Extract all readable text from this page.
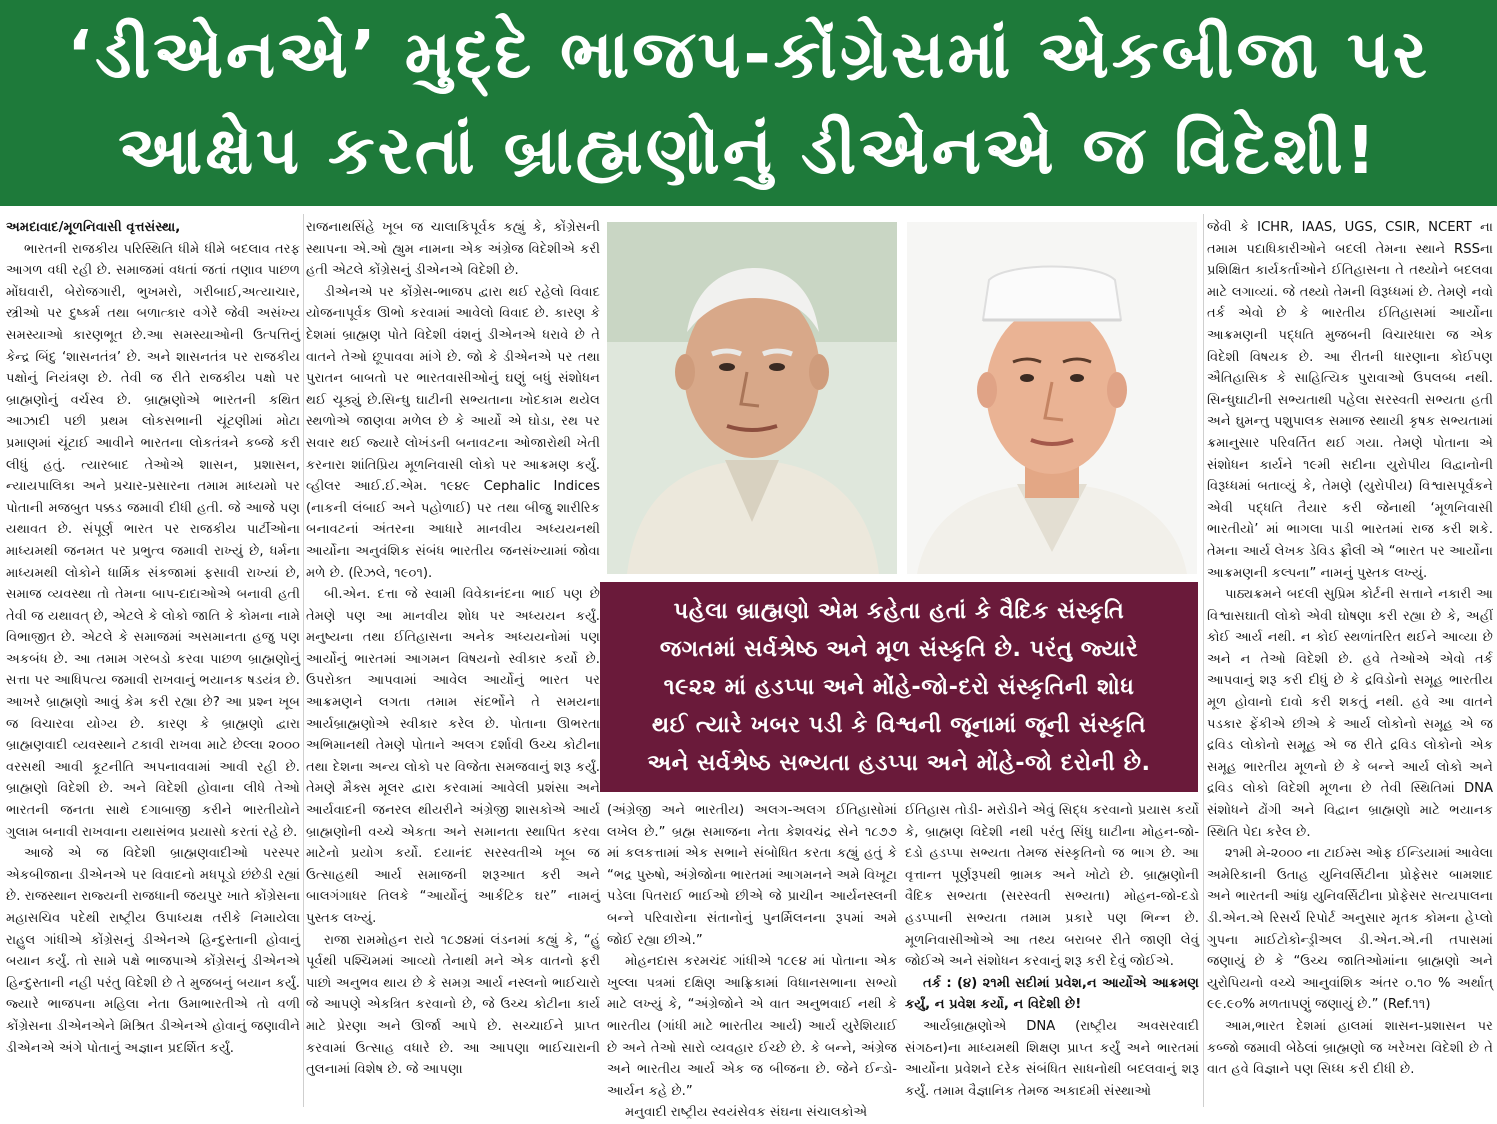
‘ડીએનએ’ મુદ્દે ભાજપ-કોંગ્રેસમાં એકબીજા પર
આક્ષેપ કરતાં બ્રાહ્મણોનું ડીએનએ જ વિદેશી!

અમદાવાદ/મૂળનિવાસી વૃત્તસંસ્થા,

ભારતની રાજકીય પરિસ્થિતિ ધીમે ધીમે બદલાવ તરફ આગળ વધી રહી છે. સમાજમાં વધતાં જતાં તણાવ પાછળ મોંઘવારી, બેરોજગારી, ભુખમરો, ગરીબાઈ,અત્યાચાર, સ્ત્રીઓ પર દુષ્કર્મ તથા બળાત્કાર વગેરે જેવી અસંખ્ય સમસ્યાઓ કારણભૂત છે.આ સમસ્યાઓની ઉત્પત્તિનું કેન્દ્ર બિંદુ ‘શાસનતંત્ર’ છે. અને શાસનતંત્ર પર રાજકીય પક્ષોનું નિયંત્રણ છે. તેવી જ રીતે રાજકીય પક્ષો પર બ્રાહ્મણોનું વર્ચસ્વ છે. બ્રાહ્મણોએ ભારતની કથિત આઝાદી પછી પ્રથમ લોકસભાની ચૂંટણીમાં મોટા પ્રમાણમાં ચૂંટાઈ આવીને ભારતના લોકતંત્રને કબ્જે કરી લીધું હતું. ત્યારબાદ તેઓએ શાસન, પ્રશાસન, ન્યાયપાલિકા અને પ્રચાર-પ્રસારના તમામ માધ્યમો પર પોતાની મજબુત પક્કડ જમાવી દીધી હતી. જે આજે પણ યથાવત છે. સંપૂર્ણ ભારત પર રાજકીય પાર્ટીઓના માધ્યમથી જનમત પર પ્રભુત્વ જમાવી રાખ્યું છે, ધર્મના માધ્યમથી લોકોને ધાર્મિક સંકજામાં ફસાવી રાખ્યાં છે, સમાજ વ્યવસ્થા તો તેમના બાપ-દાદાઓએ બનાવી હતી તેવી જ યથાવત્ છે, એટલે કે લોકો જાતિ કે કોમના નામે વિભાજીત છે. એટલે કે સમાજમાં અસમાનતા હજુ પણ અકબંધ છે. આ તમામ ગરબડો કરવા પાછળ બ્રાહ્મણોનું સત્તા પર આધિપત્ય જમાવી રાખવાનું ભયાનક ષડયંત્ર છે. આખરે બ્રાહ્મણો આવું કેમ કરી રહ્યા છે? આ પ્રશ્ન ખૂબ જ વિચારવા યોગ્ય છે. કારણ કે બ્રાહ્મણો દ્વારા બ્રાહ્મણવાદી વ્યવસ્થાને ટકાવી રાખવા માટે છેલ્લા ૨૦૦૦ વરસથી આવી કૂટનીતિ અપનાવવામાં આવી રહી છે. બ્રાહ્મણો વિદેશી છે. અને વિદેશી હોવાના લીધે તેઓ ભારતની જનતા સાથે દગાબાજી કરીને ભારતીયોને ગુલામ બનાવી રાખવાના યથાસંભવ પ્રયાસો કરતાં રહે છે.

આજે એ જ વિદેશી બ્રાહ્મણવાદીઓ પરસ્પર એકબીજાના ડીએનએ પર વિવાદનો મધપૂડો છંછેડી રહ્યાં છે. રાજસ્થાન રાજ્યની રાજધાની જયપુર ખાતે કોંગ્રેસના મહાસચિવ પદેથી રાષ્ટ્રીય ઉપાધ્યક્ષ તરીકે નિમાયેલા રાહુલ ગાંધીએ કોંગ્રેસનું ડીએનએ હિન્દુસ્તાની હોવાનું બયાન કર્યું. તો સામે પક્ષે ભાજપાએ કોંગ્રેસનું ડીએનએ હિન્દુસ્તાની નહી પરંતુ વિદેશી છે તે મુજબનું બયાન કર્યું. જ્યારે ભાજપના મહિલા નેતા ઉમાભારતીએ તો વળી કોંગ્રેસના ડીએનએને મિશ્રિત ડીએનએ હોવાનું જણાવીને ડીએનએ અંગે પોતાનું અજ્ઞાન પ્રદર્શિત કર્યું.

રાજનાથસિંહે ખૂબ જ ચાલાકિપૂર્વક કહ્યું કે, કોંગ્રેસની સ્થાપના એ.ઓ હ્યુમ નામના એક અંગ્રેજ વિદેશીએ કરી હતી એટલે કોંગ્રેસનું ડીએનએ વિદેશી છે.

ડીએનએ પર કોંગ્રેસ-ભાજપ દ્વારા થઈ રહેલો વિવાદ યોજનાપૂર્વક ઊભો કરવામાં આવેલો વિવાદ છે. કારણ કે દેશમાં બ્રાહ્મણ પોતે વિદેશી વંશનું ડીએનએ ધરાવે છે તે વાતને તેઓ છૂપાવવા માંગે છે. જો કે ડીએનએ પર તથા પુરાતન બાબતો પર ભારતવાસીઓનું ઘણું બધું સંશોધન થઈ ચૂક્યું છે.સિન્ધુ ઘાટીની સભ્યતાના ખોદકામ થયેલ સ્થળોએ જાણવા મળેલ છે કે આર્યો એ ઘોડા, રથ પર સવાર થઈ જ્યારે લોખંડની બનાવટના ઓજારોથી ખેતી કરનારા શાંતિપ્રિય મૂળનિવાસી લોકો પર આક્રમણ કર્યું. વ્હીલર આઈ.ઈ.એમ. ૧૯૪૯ Cephalic Indices (નાકની લંબાઈ અને પહોળાઈ) પર તથા બીજુ શારીરિક બનાવટનાં અંતરના આધારે માનવીય અધ્યયનથી આર્યોના અનુવંશિક સંબંધ ભારતીય જનસંખ્યામાં જોવા મળે છે. (રિઝલે, ૧૯૦૧).

બી.એન. દત્તા જે સ્વામી વિવેકાનંદના ભાઈ પણ છે તેમણે પણ આ માનવીય શોધ પર અધ્યયન કર્યું. મનુષ્યના તથા ઈતિહાસના અનેક અધ્યયનોમાં પણ આર્યોનું ભારતમાં આગમન વિષયનો સ્વીકાર કર્યો છે. ઉપરોક્ત આપવામાં આવેલ આર્યોનું ભારત પર આક્રમણને લગતા તમામ સંદર્ભોને તે સમયના આર્યબ્રાહ્મણોએ સ્વીકાર કરેલ છે. પોતાના ઊભરતા અભિમાનથી તેમણે પોતાને અલગ દર્શાવી ઉચ્ચ કોટીના તથા દેશના અન્ય લોકો પર વિજેતા સમજવાનું શરૂ કર્યું. તેમણે મૈક્સ મૂલર દ્વારા કરવામાં આવેલી પ્રશંસા અને આર્યવાદની જનરલ થીયરીને અંગ્રેજી શાસકોએ આર્ય બ્રાહ્મણોની વચ્ચે એકતા અને સમાનતા સ્થાપિત કરવા માટેનો પ્રયોગ કર્યો. દયાનંદ સરસ્વતીએ ખૂબ જ ઉત્સાહથી આર્ય સમાજની શરૂઆત કરી અને બાલગંગાધર તિલકે “આર્યોનું આર્કટિક ઘર” નામનું પુસ્તક લખ્યું.

રાજા રામમોહન રાયે ૧૮૭૪માં લંડનમાં કહ્યું કે, “હું પૂર્વથી પશ્ચિમમાં આવ્યો તેનાથી મને એક વાતનો ફરી પાછો અનુભવ થાય છે કે સમગ્ર આર્ય નસ્લનો ભાઈચારો જે આપણે એકત્રિત કરવાનો છે, જે ઉચ્ચ કોટીના કાર્ય માટે પ્રેરણા અને ઊર્જા આપે છે. સચ્ચાઈને પ્રાપ્ત કરવામાં ઉત્સાહ વધારે છે. આ આપણા ભાઈચારાની તુલનામાં વિશેષ છે. જે આપણા

પહેલા બ્રાહ્મણો એમ કહેતા હતાં કે વૈદિક સંસ્કૃતિ
જગતમાં સર્વશ્રેષ્ઠ અને મૂળ સંસ્કૃતિ છે. પરંતુ જ્યારે
૧૯૨૨ માં હડપ્પા અને મોંહે-જો-દરો સંસ્કૃતિની શોધ
થઈ ત્યારે ખબર પડી કે વિશ્વની જૂનામાં જૂની સંસ્કૃતિ
અને સર્વશ્રેષ્ઠ સભ્યતા હડપ્પા અને મોંહે-જો દરોની છે.

(અંગ્રેજી અને ભારતીય) અલગ-અલગ ઈતિહાસોમાં લખેલ છે.” બ્રહ્મ સમાજના નેતા કેશવચંદ્ર સેને ૧૮૭૭ માં કલકત્તામાં એક સભાને સંબોધિત કરતા કહ્યું હતું કે “ભદ્ર પુરુષો, અંગ્રેજોના ભારતમાં આગમનને અમે વિખૂટા પડેલા પિતરાઈ ભાઈઓ છીએ જે પ્રાચીન આર્યનસ્લની બન્ને પરિવારોના સંતાનોનું પુનર્મિલનના રૂપમાં અમે જોઈ રહ્યા છીએ.”

મોહનદાસ કરમચંદ ગાંધીએ ૧૮૯૪ માં પોતાના એક ખુલ્લા પત્રમાં દક્ષિણ આફ્રિકામાં વિધાનસભાના સભ્યો માટે લખ્યું કે, “અંગ્રેજોને એ વાત અનુભવાઈ નથી કે ભારતીય (ગાંધી માટે ભારતીય આર્ય) આર્ય યુરેશિયાઈ છે અને તેઓ સારો વ્યવહાર ઈચ્છે છે. કે બન્ને, અંગ્રેજ અને ભારતીય આર્ય એક જ બીજના છે. જેને ઈન્ડો-આર્યન કહે છે.”

મનુવાદી રાષ્ટ્રીય સ્વયંસેવક સંઘના સંચાલકોએ

ઈતિહાસ તોડી- મરોડીને એવું સિદ્ધ કરવાનો પ્રયાસ કર્યો કે, બ્રાહ્મણ વિદેશી નથી પરંતુ સિંધુ ઘાટીના મોહન-જો-દડો હડપ્પા સભ્યતા તેમજ સંસ્કૃતિનો જ ભાગ છે. આ વૃત્તાન્ત પૂર્ણરૂપથી ભ્રામક અને ખોટો છે. બ્રાહ્મણોની વૈદિક સભ્યતા (સરસ્વતી સભ્યતા) મોહન-જો-દડો હડપ્પાની સભ્યતા તમામ પ્રકારે પણ ભિન્ન છે. મૂળનિવાસીઓએ આ તથ્ય બરાબર રીતે જાણી લેવું જોઈએ અને સંશોધન કરવાનું શરૂ કરી દેવું જોઈએ.

તર્ક : (૪) ૨૧મી સદીમાં પ્રવેશ,ન આર્યોએ આક્રમણ કર્યું, ન પ્રવેશ કર્યો, ન વિદેશી છે!

આર્યબ્રાહ્મણોએ DNA (રાષ્ટ્રીય અવસરવાદી સંગઠન)ના માધ્યમથી શિક્ષણ પ્રાપ્ત કર્યું અને ભારતમાં આર્યોના પ્રવેશને દરેક સંબંધિત સાધનોથી બદલવાનું શરૂ કર્યું. તમામ વૈજ્ઞાનિક તેમજ અકાદમી સંસ્થાઓ

જેવી કે ICHR, IAAS, UGS, CSIR, NCERT ના તમામ પદાધિકારીઓને બદલી તેમના સ્થાને RSSના પ્રશિક્ષિત કાર્યકર્તાઓને ઈતિહાસના તે તથ્યોને બદલવા માટે લગાવ્યાં. જે તથ્યો તેમની વિરૂધ્ધમાં છે. તેમણે નવો તર્ક એવો છે કે ભારતીય ઈતિહાસમાં આર્યોના આક્રમણની પદ્ધતિ મુજબની વિચારધારા જ એક વિદેશી વિષયક છે. આ રીતની ધારણાના કોઈપણ ઐતિહાસિક કે સાહિત્યિક પુરાવાઓ ઉપલબ્ધ નથી. સિન્ધુઘાટીની સભ્યતાથી પહેલા સરસ્વતી સભ્યતા હતી અને ઘુમન્તુ પશુપાલક સમાજ સ્થાયી કૃષક સભ્યતામાં ક્રમાનુસાર પરિવર્તિત થઈ ગયા. તેમણે પોતાના એ સંશોધન કાર્યને ૧૯મી સદીના યુરોપીય વિદ્વાનોની વિરૂધ્ધમાં બતાવ્યું કે, તેમણે (યુરોપીય) વિશ્વાસપૂર્વકને એવી પદ્ધતિ તૈયાર કરી જેનાથી ‘મૂળનિવાસી ભારતીયો’ માં ભાગલા પાડી ભારતમાં રાજ કરી શકે. તેમના આર્ય લેખક ડેવિડ ફ્રૌલી એ “ભારત પર આર્યોના આક્રમણની કલ્પના” નામનું પુસ્તક લખ્યું.

પાઠ્યક્રમને બદલી સુપ્રિમ કોર્ટની સત્તાને નકારી આ વિશ્વાસઘાતી લોકો એવી ઘોષણા કરી રહ્યા છે કે, અહીં કોઈ આર્ય નથી. ન કોઈ સ્થળાંતરિત થઈને આવ્યા છે અને ન તેઓ વિદેશી છે. હવે તેઓએ એવો તર્ક આપવાનું શરૂ કરી દીધું છે કે દ્રવિડોનો સમૂહ ભારતીય મૂળ હોવાનો દાવો કરી શકતું નથી. હવે આ વાતને પડકાર ફેંકીએ છીએ કે આર્ય લોકોનો સમૂહ એ જ દ્રવિડ લોકોનો સમૂહ એ જ રીતે દ્રવિડ લોકોનો એક સમૂહ ભારતીય મૂળનો છે કે બન્ને આર્ય લોકો અને દ્રવિડ લોકો વિદેશી મૂળના છે તેવી સ્થિતિમાં DNA સંશોધને ઢોંગી અને વિદ્વાન બ્રાહ્મણો માટે ભયાનક સ્થિતિ પેદા કરેલ છે.

૨૧મી મે-૨૦૦૦ ના ટાઈમ્સ ઓફ ઈન્ડિયામાં આવેલા અમેરિકાની ઉતાહ યુનિવર્સિટીના પ્રોફેસર બામશાદ અને ભારતની આંધ્ર યુનિવર્સિટીના પ્રોફેસર સત્યપાલના ડી.એન.એ રિસર્ચ રિપોર્ટ અનુસાર મૃતક કોમના હેપ્લો ગુપના માઈટોકોન્ડ્રીઅલ ડી.એન.એ.ની તપાસમાં જણાયું છે કે “ઉચ્ચ જાતિઓમાંના બ્રાહ્મણો અને યુરોપિયનો વચ્ચે આનુવાંશિક અંતર ૦.૧૦ % અર્થાત્ ૯૯.૯૦% મળતાપણું જણાયું છે.” (Ref.૧૧)

આમ,ભારત દેશમાં હાલમાં શાસન-પ્રશાસન પર કબ્જો જમાવી બેઠેલાં બ્રાહ્મણો જ ખરેખરા વિદેશી છે તે વાત હવે વિજ્ઞાને પણ સિધ્ધ કરી દીધી છે.
